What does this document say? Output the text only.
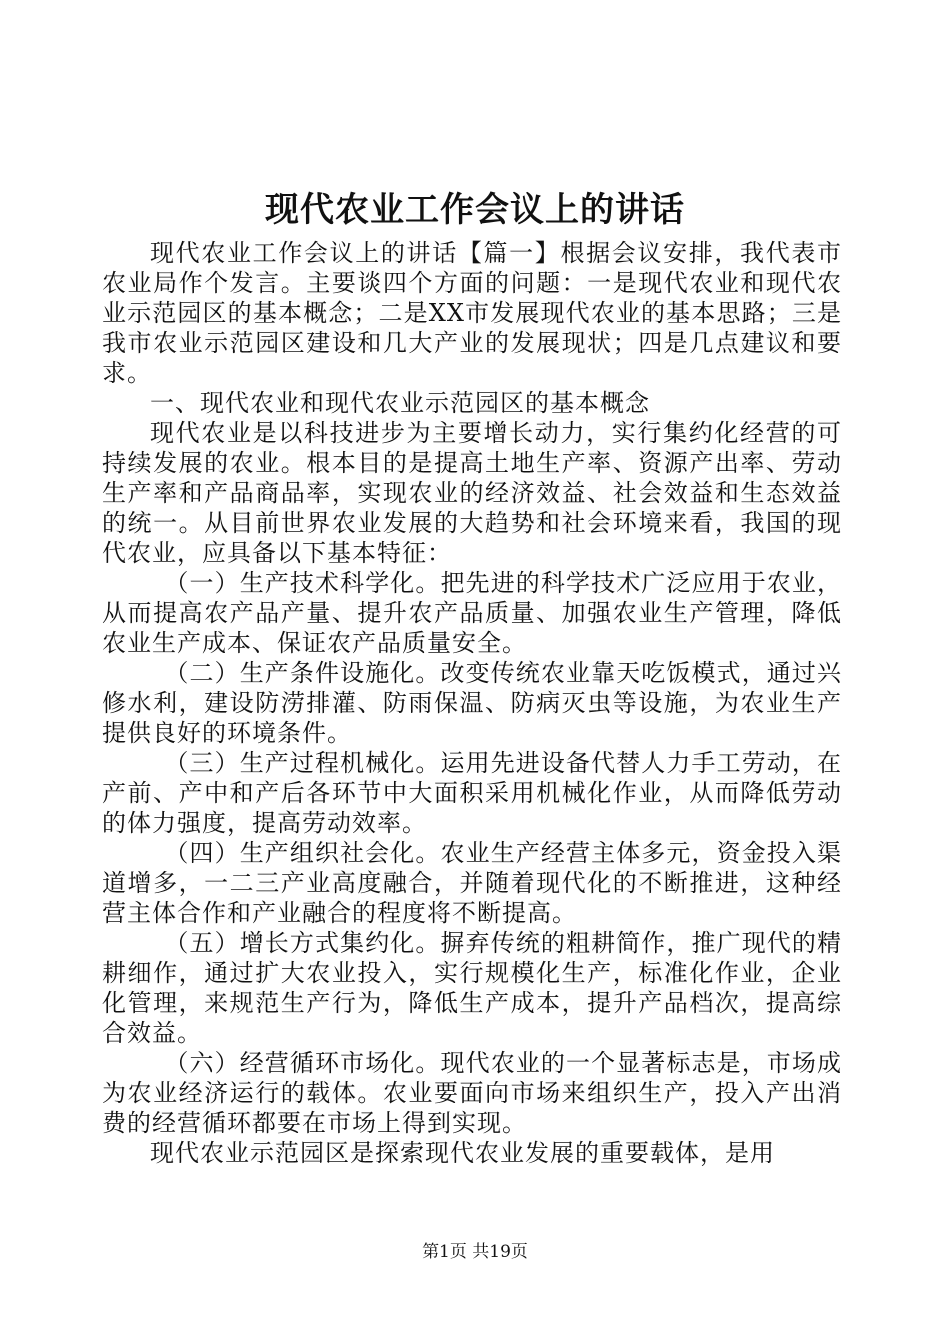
现代农业工作会议上的讲话

现代农业工作会议上的讲话【篇一】根据会议安排，我代表市农业局作个发言。主要谈四个方面的问题：一是现代农业和现代农业示范园区的基本概念；二是XX市发展现代农业的基本思路；三是我市农业示范园区建设和几大产业的发展现状；四是几点建议和要求。

一、现代农业和现代农业示范园区的基本概念

现代农业是以科技进步为主要增长动力，实行集约化经营的可持续发展的农业。根本目的是提高土地生产率、资源产出率、劳动生产率和产品商品率，实现农业的经济效益、社会效益和生态效益的统一。从目前世界农业发展的大趋势和社会环境来看，我国的现代农业，应具备以下基本特征：

（一）生产技术科学化。把先进的科学技术广泛应用于农业，从而提高农产品产量、提升农产品质量、加强农业生产管理，降低农业生产成本、保证农产品质量安全。

（二）生产条件设施化。改变传统农业靠天吃饭模式，通过兴修水利，建设防涝排灌、防雨保温、防病灭虫等设施，为农业生产提供良好的环境条件。

（三）生产过程机械化。运用先进设备代替人力手工劳动，在产前、产中和产后各环节中大面积采用机械化作业，从而降低劳动的体力强度，提高劳动效率。

（四）生产组织社会化。农业生产经营主体多元，资金投入渠道增多，一二三产业高度融合，并随着现代化的不断推进，这种经营主体合作和产业融合的程度将不断提高。

（五）增长方式集约化。摒弃传统的粗耕简作，推广现代的精耕细作，通过扩大农业投入，实行规模化生产，标准化作业，企业化管理，来规范生产行为，降低生产成本，提升产品档次，提高综合效益。

（六）经营循环市场化。现代农业的一个显著标志是，市场成为农业经济运行的载体。农业要面向市场来组织生产，投入产出消费的经营循环都要在市场上得到实现。

现代农业示范园区是探索现代农业发展的重要载体，是用

第1页 共19页
